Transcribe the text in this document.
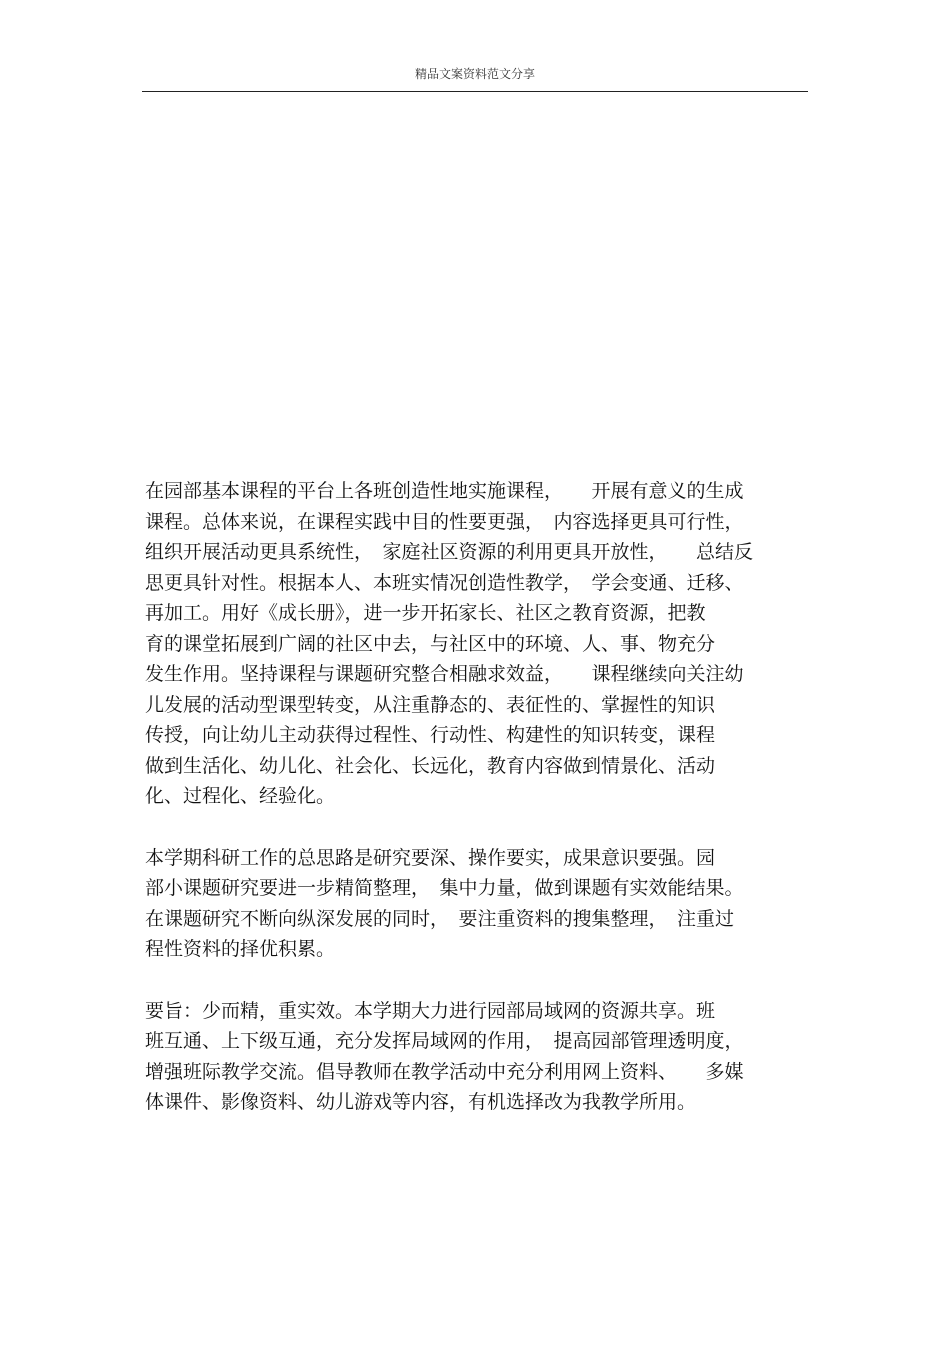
精品文案资料范文分享
在园部基本课程的平台上各班创造性地实施课程，　　开展有意义的生成
课程。总体来说，在课程实践中目的性要更强，　内容选择更具可行性，
组织开展活动更具系统性，　家庭社区资源的利用更具开放性，　　总结反
思更具针对性。根据本人、本班实情况创造性教学，　学会变通、迁移、
再加工。用好《成长册》，进一步开拓家长、社区之教育资源，把教
育的课堂拓展到广阔的社区中去，与社区中的环境、人、事、物充分
发生作用。坚持课程与课题研究整合相融求效益，　　课程继续向关注幼
儿发展的活动型课型转变，从注重静态的、表征性的、掌握性的知识
传授，向让幼儿主动获得过程性、行动性、构建性的知识转变，课程
做到生活化、幼儿化、社会化、长远化，教育内容做到情景化、活动
化、过程化、经验化。
本学期科研工作的总思路是研究要深、操作要实，成果意识要强。园
部小课题研究要进一步精简整理，　集中力量，做到课题有实效能结果。
在课题研究不断向纵深发展的同时，　要注重资料的搜集整理，　注重过
程性资料的择优积累。
要旨：少而精，重实效。本学期大力进行园部局域网的资源共享。班
班互通、上下级互通，充分发挥局域网的作用，　提高园部管理透明度，
增强班际教学交流。倡导教师在教学活动中充分利用网上资料、　　多媒
体课件、影像资料、幼儿游戏等内容，有机选择改为我教学所用。
